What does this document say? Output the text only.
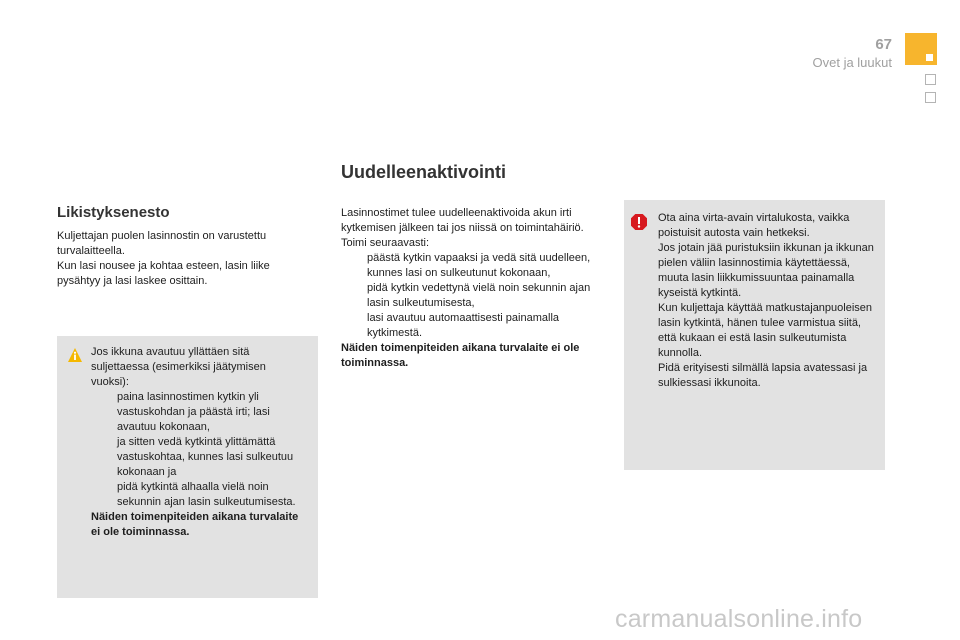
67
Ovet ja luukut
Likistyksenesto

Kuljettajan puolen lasinnostin on varustettu turvalaitteella.

Kun lasi nousee ja kohtaa esteen, lasin liike pysähtyy ja lasi laskee osittain.

Jos ikkuna avautuu yllättäen sitä suljettaessa (esimerkiksi jäätymisen vuoksi):

paina lasinnostimen kytkin yli vastuskohdan ja päästä irti; lasi avautuu kokonaan,
ja sitten vedä kytkintä ylittämättä vastuskohtaa, kunnes lasi sulkeutuu kokonaan ja
pidä kytkintä alhaalla vielä noin sekunnin ajan lasin sulkeutumisesta.

Näiden toimenpiteiden aikana turvalaite ei ole toiminnassa.

Uudelleenaktivointi

Lasinnostimet tulee uudelleenaktivoida akun irti kytkemisen jälkeen tai jos niissä on toimintahäiriö. Toimi seuraavasti:

päästä kytkin vapaaksi ja vedä sitä uudelleen, kunnes lasi on sulkeutunut kokonaan,
pidä kytkin vedettynä vielä noin sekunnin ajan lasin sulkeutumisesta,
lasi avautuu automaattisesti painamalla kytkimestä.

Näiden toimenpiteiden aikana turvalaite ei ole toiminnassa.

Ota aina virta-avain virtalukosta, vaikka poistuisit autosta vain hetkeksi.

Jos jotain jää puristuksiin ikkunan ja ikkunan pielen väliin lasinnostimia käytettäessä, muuta lasin liikkumissuuntaa painamalla kyseistä kytkintä.

Kun kuljettaja käyttää matkustajanpuoleisen lasin kytkintä, hänen tulee varmistua siitä, että kukaan ei estä lasin sulkeutumista kunnolla.

Pidä erityisesti silmällä lapsia avatessasi ja sulkiessasi ikkunoita.

carmanualsonline.info
